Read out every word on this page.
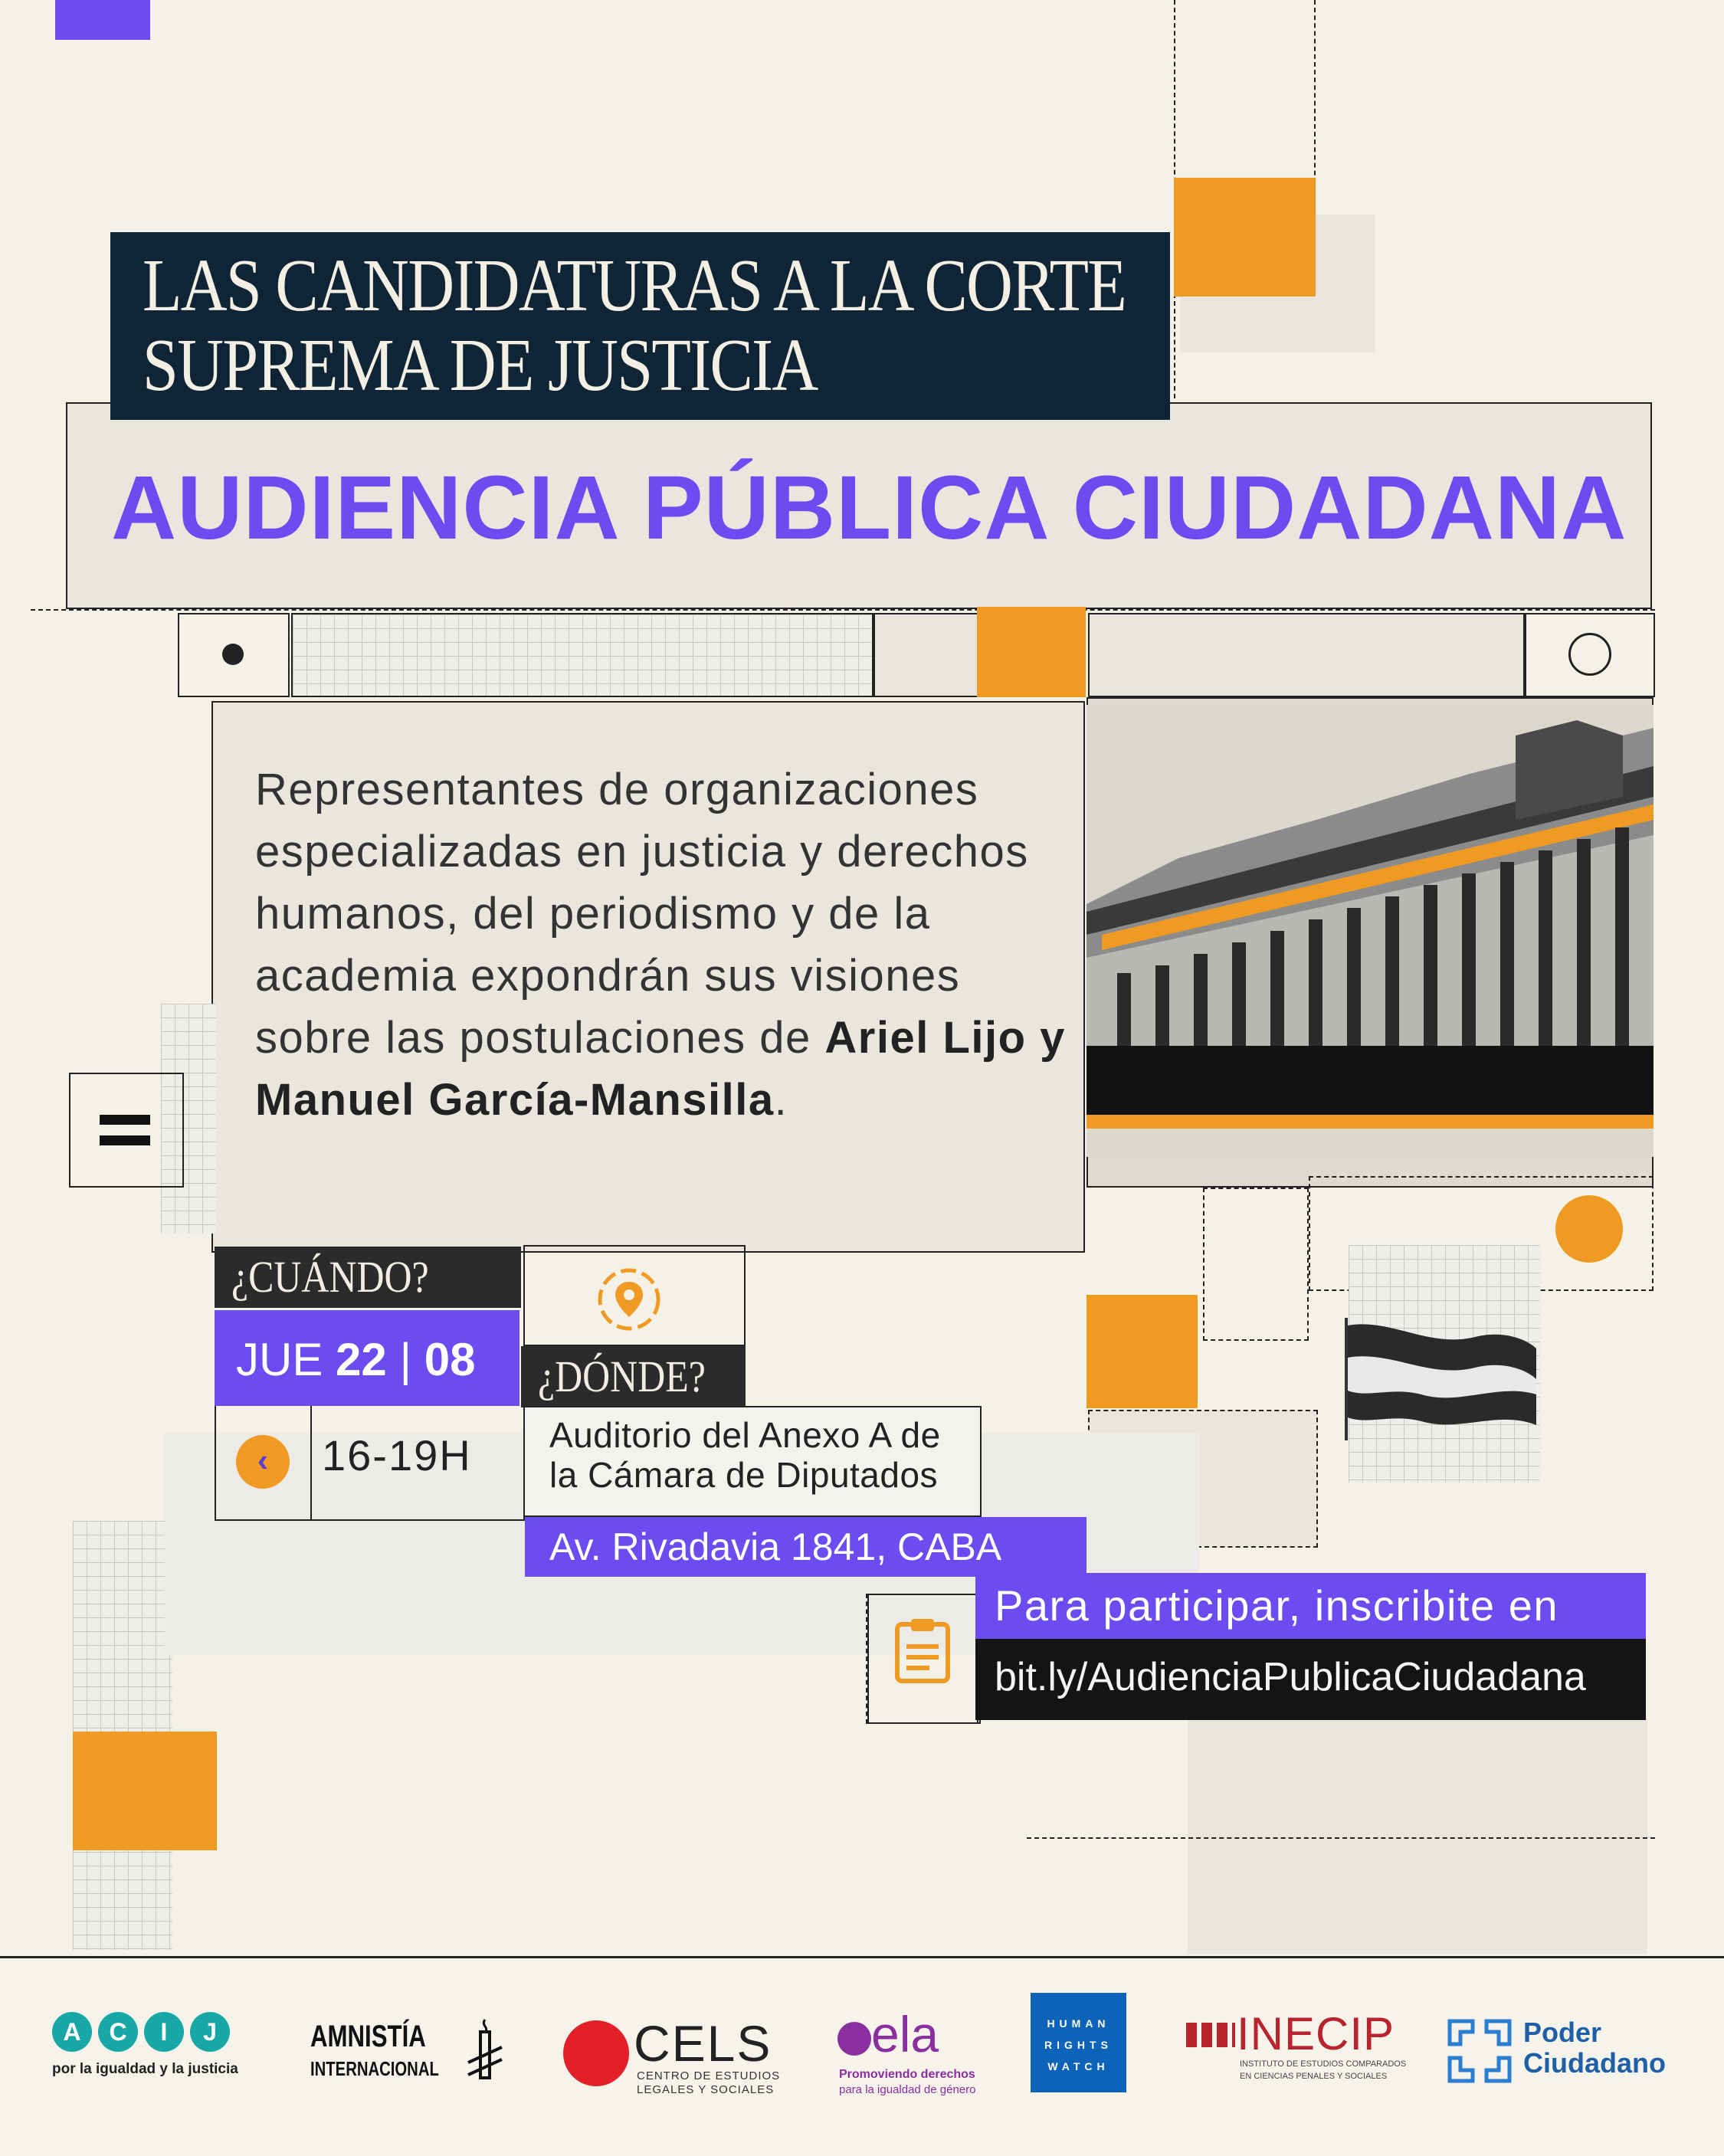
LAS CANDIDATURAS A LA CORTE
SUPREMA DE JUSTICIA
AUDIENCIA PÚBLICA CIUDADANA
Representantes de organizaciones especializadas en justicia y derechos humanos, del periodismo y de la academia expondrán sus visiones sobre las postulaciones de Ariel Lijo y Manuel García-Mansilla.
¿CUÁNDO?
JUE 22 | 08
‹	16-19H
¿DÓNDE?
Auditorio del Anexo A de
la Cámara de Diputados
Av. Rivadavia 1841, CABA
Para participar, inscribite en
bit.ly/AudienciaPublicaCiudadana
A	C	I	J
por la igualdad y la justicia
AMNISTÍA
INTERNACIONAL	CELS
CENTRO DE ESTUDIOS
LEGALES Y SOCIALES
ela
Promoviendo derechos
para la igualdad de género
HUMAN
RIGHTS
WATCH
INECIP
INSTITUTO DE ESTUDIOS COMPARADOS
EN CIENCIAS PENALES Y SOCIALES
Poder
Ciudadano
